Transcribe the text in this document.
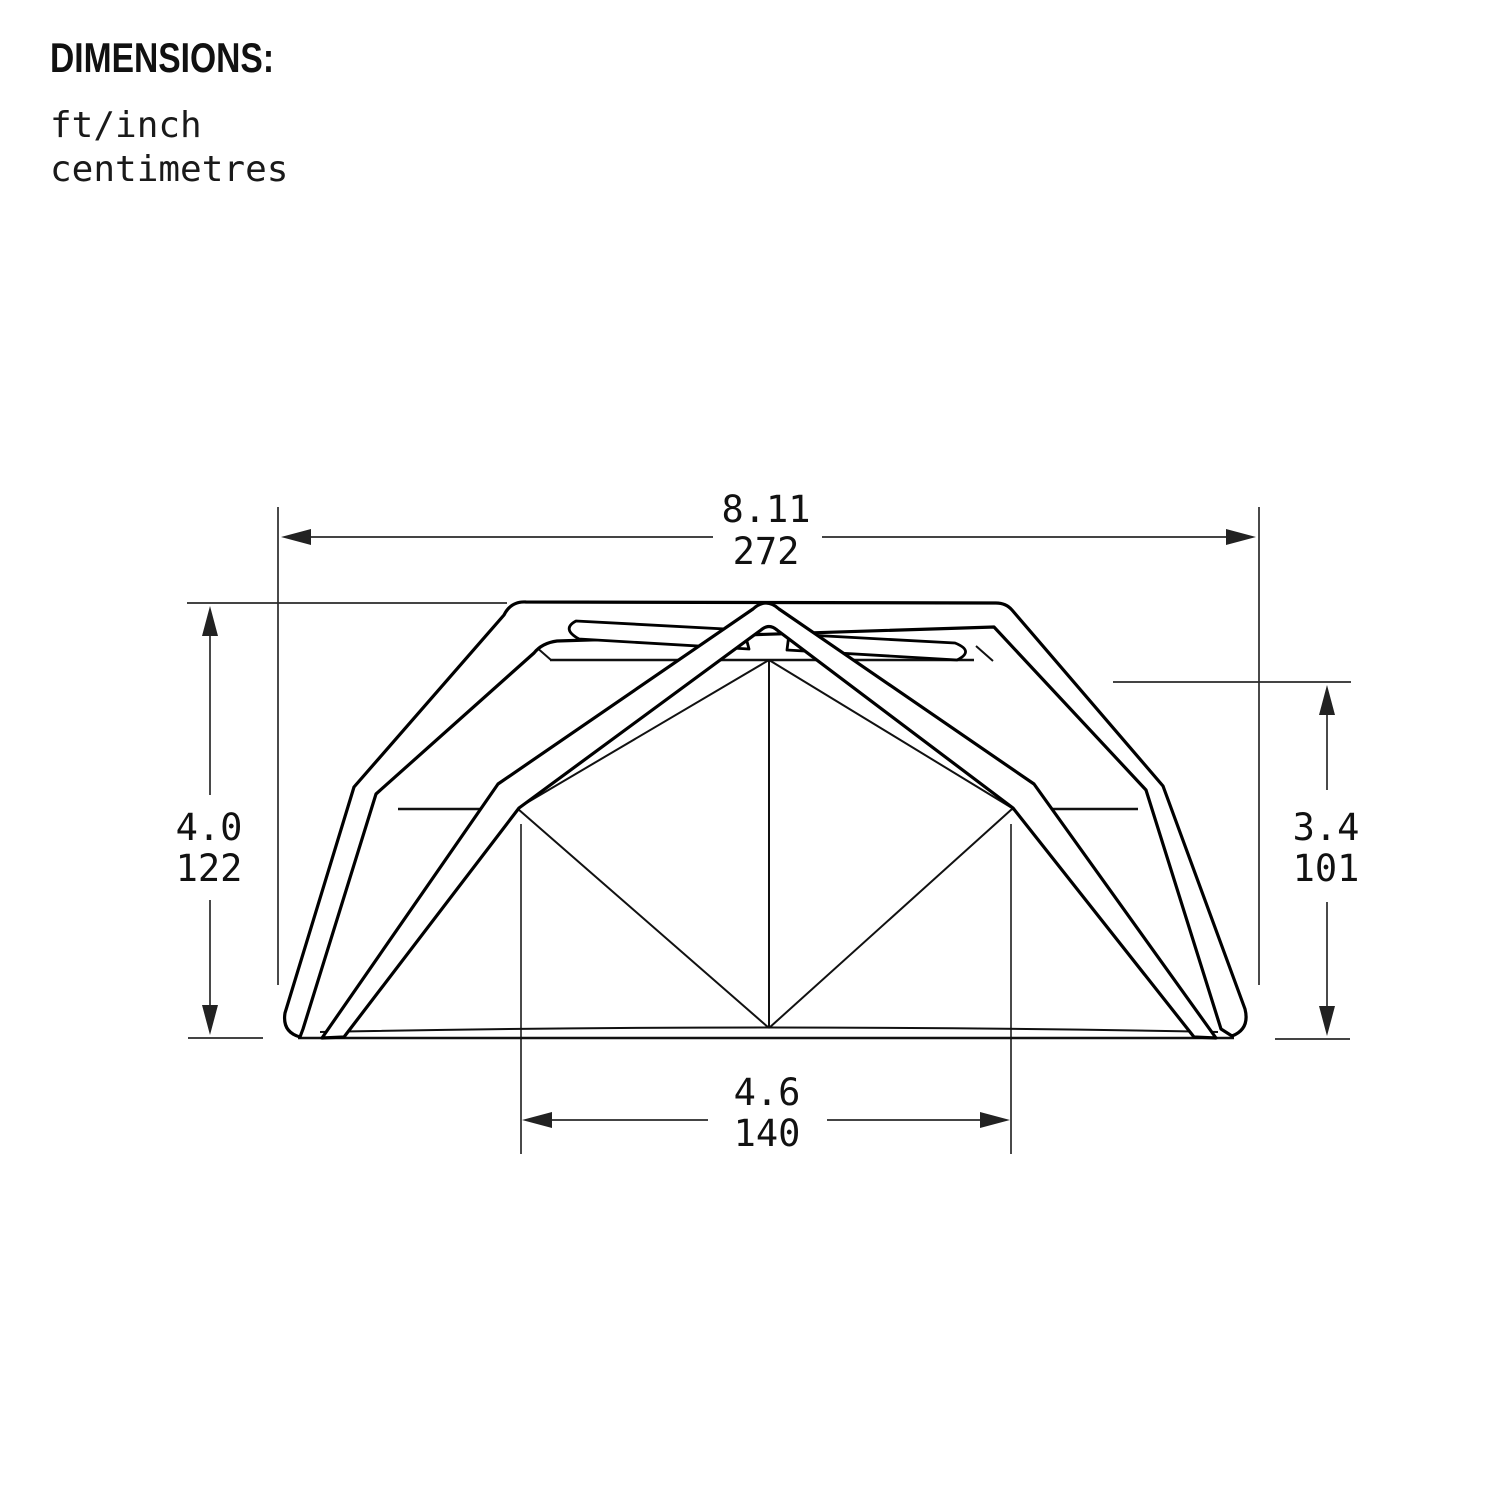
DIMENSIONS:
ft/inch
centimetres
8.11
272
4.0
122
3.4
101
4.6
140
